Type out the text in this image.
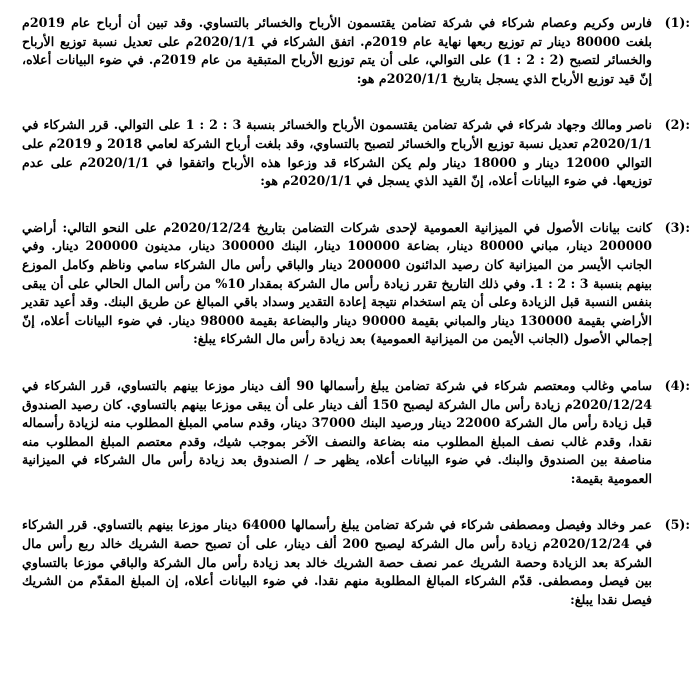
(1):
فارس وكريم وعصام شركاء في شركة تضامن يقتسمون الأرباح والخسائر بالتساوي. وقد تبين أن أرباح عام 2019م بلغت 80000 دينار تم توزيع ربعها نهاية عام 2019م. اتفق الشركاء في 2020/1/1م على تعديل نسبة توزيع الأرباح والخسائر لتصبح (2 : 2 : 1) على التوالي، على أن يتم توزيع الأرباح المتبقية من عام 2019م. في ضوء البيانات أعلاه، إنّ قيد توزيع الأرباح الذي يسجل بتاريخ 2020/1/1م هو:
(2):
ناصر ومالك وجهاد شركاء في شركة تضامن يقتسمون الأرباح والخسائر بنسبة 3 : 2 : 1 على التوالي. قرر الشركاء في 2020/1/1م تعديل نسبة توزيع الأرباح والخسائر لتصبح بالتساوي، وقد بلغت أرباح الشركة لعامي 2018 و 2019م على التوالي 12000 دينار و 18000 دينار ولم يكن الشركاء قد وزعوا هذه الأرباح واتفقوا في 2020/1/1م على عدم توزيعها. في ضوء البيانات أعلاه، إنّ القيد الذي يسجل في 2020/1/1م هو:
(3):
كانت بيانات الأصول في الميزانية العمومية لإحدى شركات التضامن بتاريخ 2020/12/24م على النحو التالي: أراضي 200000 دينار، مباني 80000 دينار، بضاعة 100000 دينار، البنك 300000 دينار، مدينون 200000 دينار. وفي الجانب الأيسر من الميزانية كان رصيد الدائنون 200000 دينار والباقي رأس مال الشركاء سامي وناظم وكامل الموزع بينهم بنسبة 3 : 2 : 1. وفي ذلك التاريخ تقرر زيادة رأس مال الشركة بمقدار 10% من رأس المال الحالي على أن يبقى بنفس النسبة قبل الزيادة وعلى أن يتم استخدام نتيجة إعادة التقدير وسداد باقي المبالغ عن طريق البنك. وقد أعيد تقدير الأراضي بقيمة 130000 دينار والمباني بقيمة 90000 دينار والبضاعة بقيمة 98000 دينار. في ضوء البيانات أعلاه، إنّ إجمالي الأصول (الجانب الأيمن من الميزانية العمومية) بعد زيادة رأس مال الشركاء يبلغ:
(4):
سامي وغالب ومعتصم شركاء في شركة تضامن يبلغ رأسمالها 90 ألف دينار موزعا بينهم بالتساوي، قرر الشركاء في 2020/12/24م زيادة رأس مال الشركة ليصبح 150 ألف دينار على أن يبقى موزعا بينهم بالتساوي. كان رصيد الصندوق قبل زيادة رأس مال الشركة 22000 دينار ورصيد البنك 37000 دينار، وقدم سامي المبلغ المطلوب منه لزيادة رأسماله نقدا، وقدم غالب نصف المبلغ المطلوب منه بضاعة والنصف الآخر بموجب شيك، وقدم معتصم المبلغ المطلوب منه مناصفة بين الصندوق والبنك. في ضوء البيانات أعلاه، يظهر حـ / الصندوق بعد زيادة رأس مال الشركاء في الميزانية العمومية بقيمة:
(5):
عمر وخالد وفيصل ومصطفى شركاء في شركة تضامن يبلغ رأسمالها 64000 دينار موزعا بينهم بالتساوي. قرر الشركاء في 2020/12/24م زيادة رأس مال الشركة ليصبح 200 ألف دينار، على أن تصبح حصة الشريك خالد ربع رأس مال الشركة بعد الزيادة وحصة الشريك عمر نصف حصة الشريك خالد بعد زيادة رأس مال الشركة والباقي موزعا بالتساوي بين فيصل ومصطفى. قدّم الشركاء المبالغ المطلوبة منهم نقدا. في ضوء البيانات أعلاه، إن المبلغ المقدّم من الشريك فيصل نقدا يبلغ:
